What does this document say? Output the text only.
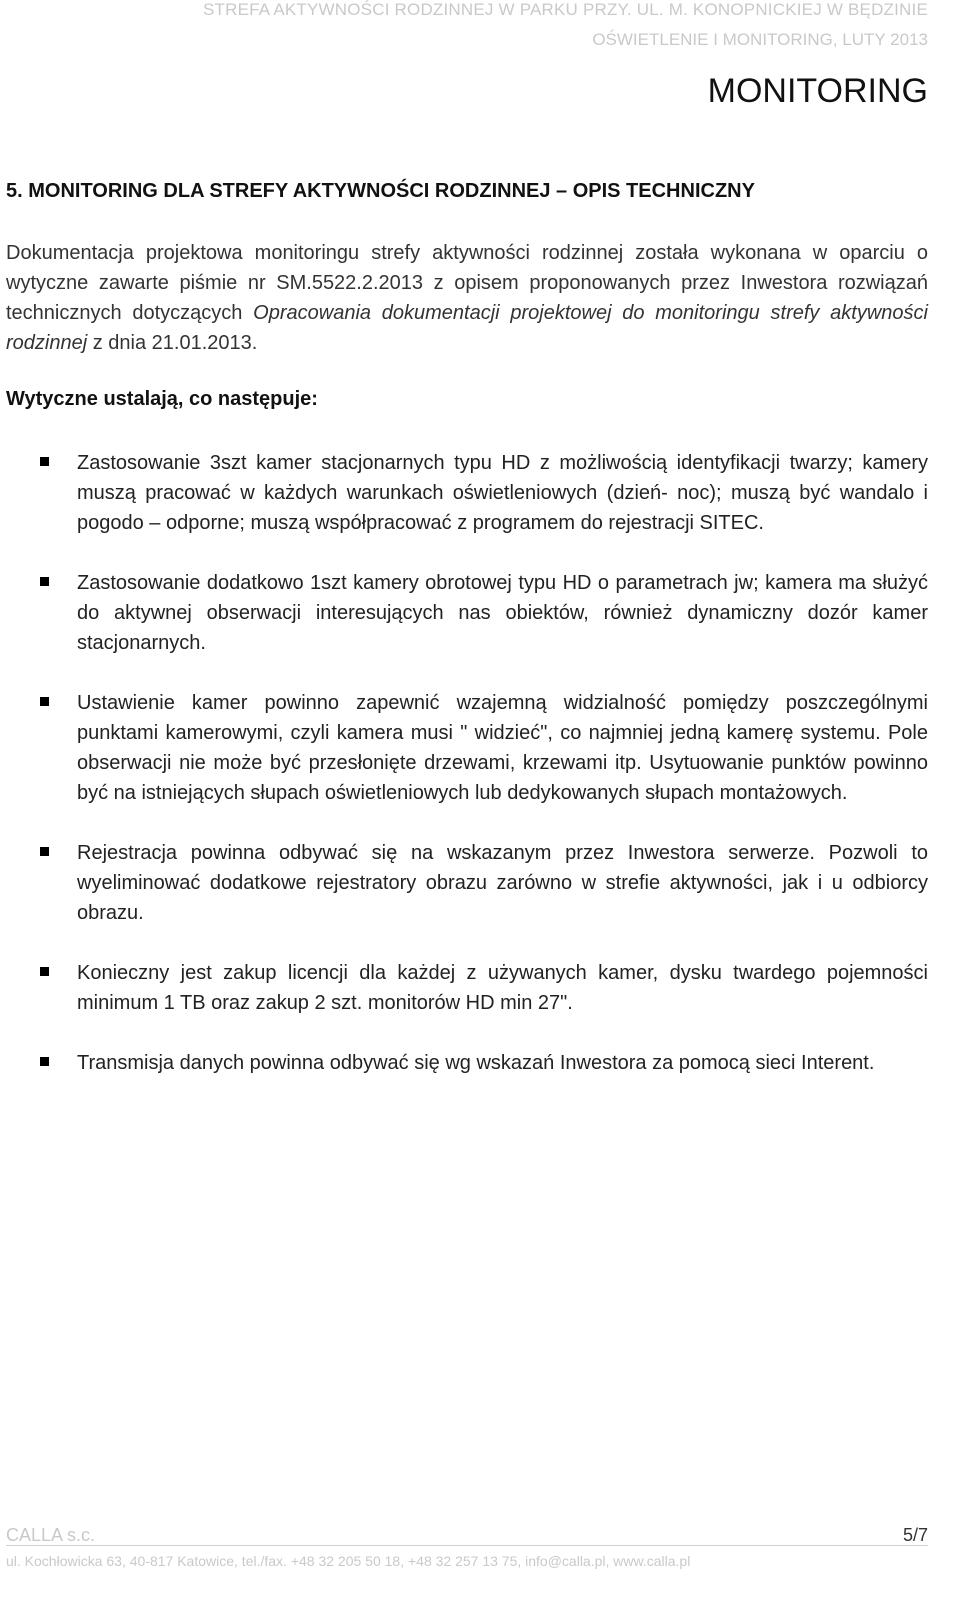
STREFA AKTYWNOŚCI RODZINNEJ W PARKU PRZY. UL. M. KONOPNICKIEJ W BĘDZINIE
OŚWIETLENIE I MONITORING, LUTY 2013
MONITORING
5. MONITORING DLA STREFY AKTYWNOŚCI RODZINNEJ – OPIS TECHNICZNY

Dokumentacja projektowa monitoringu strefy aktywności rodzinnej została wykonana w oparciu o wytyczne zawarte piśmie nr SM.5522.2.2013 z opisem proponowanych przez Inwestora rozwiązań technicznych dotyczących Opracowania dokumentacji projektowej do monitoringu strefy aktywności rodzinnej z dnia 21.01.2013.

Wytyczne ustalają, co następuje:
Zastosowanie 3szt kamer stacjonarnych typu HD z możliwością identyfikacji twarzy; kamery muszą pracować w każdych warunkach oświetleniowych (dzień- noc); muszą być wandalo i pogodo – odporne; muszą współpracować z programem do rejestracji SITEC.
Zastosowanie dodatkowo 1szt kamery obrotowej typu HD o parametrach jw; kamera ma służyć do aktywnej obserwacji interesujących nas obiektów, również dynamiczny dozór kamer stacjonarnych.
Ustawienie kamer powinno zapewnić wzajemną widzialność pomiędzy poszczególnymi punktami kamerowymi, czyli kamera musi " widzieć", co najmniej jedną kamerę systemu. Pole obserwacji nie może być przesłonięte drzewami, krzewami itp. Usytuowanie punktów powinno być na istniejących słupach oświetleniowych lub dedykowanych słupach montażowych.
Rejestracja powinna odbywać się na wskazanym przez Inwestora serwerze. Pozwoli to wyeliminować dodatkowe rejestratory obrazu zarówno w strefie aktywności, jak i u odbiorcy obrazu.
Konieczny jest zakup licencji dla każdej z używanych kamer, dysku twardego pojemności minimum 1 TB oraz zakup 2 szt. monitorów HD min 27".
Transmisja danych powinna odbywać się wg wskazań Inwestora za pomocą sieci Interent.
CALLA s.c.	5/7
ul. Kochłowicka 63, 40-817 Katowice, tel./fax. +48 32 205 50 18, +48 32 257 13 75, info@calla.pl, www.calla.pl
